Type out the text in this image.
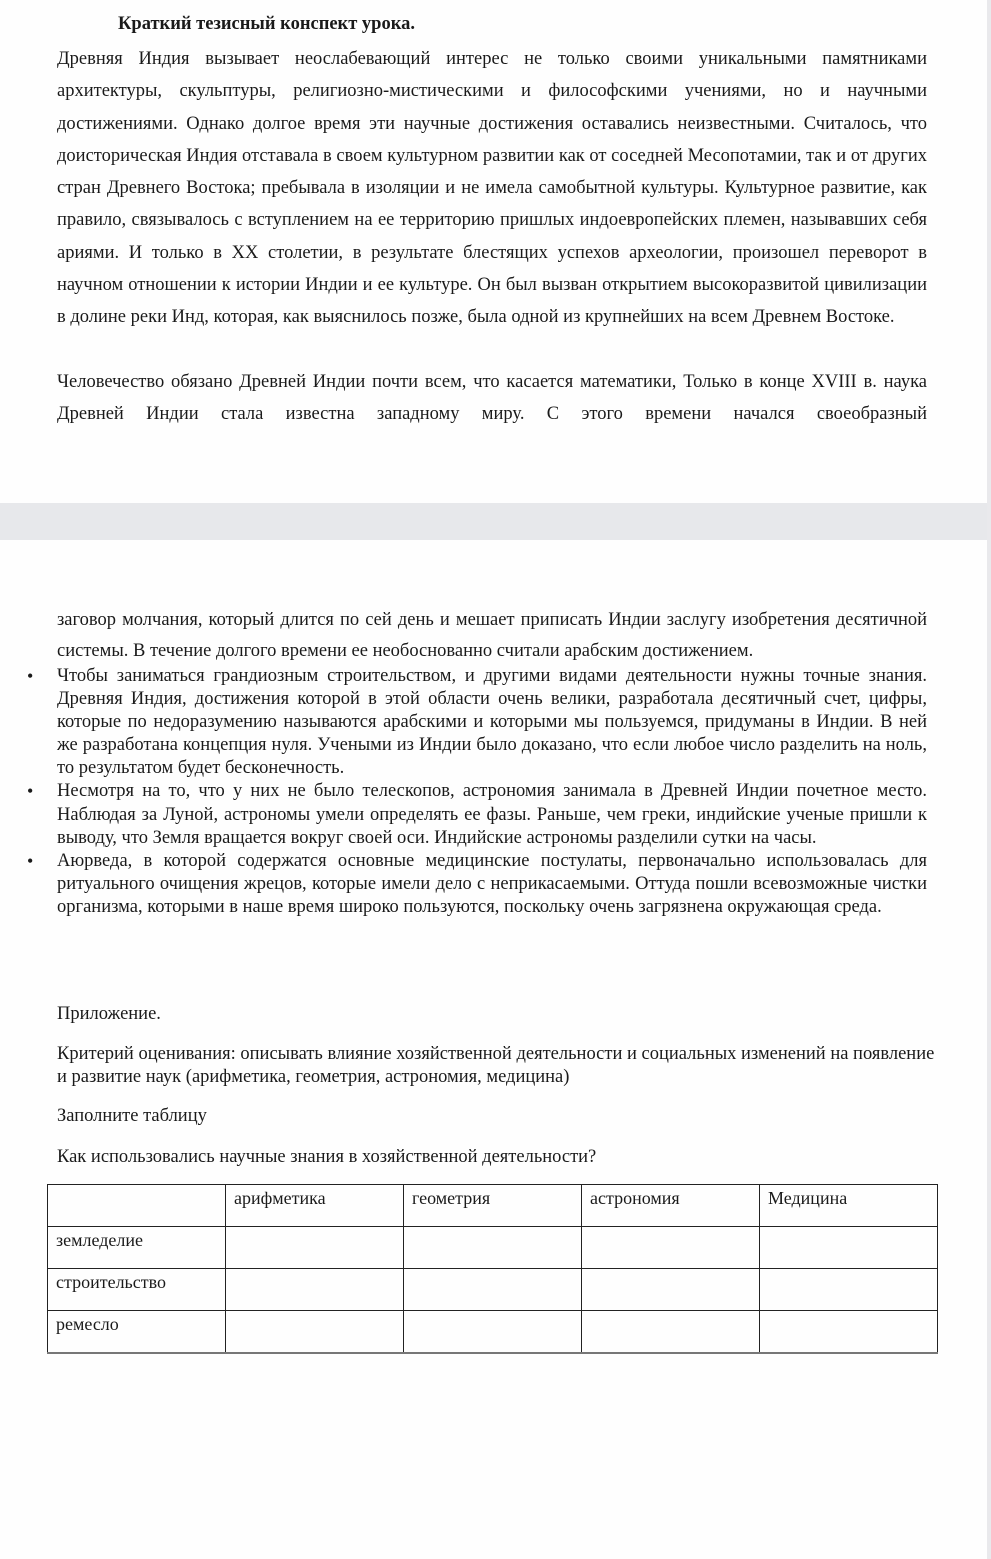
Краткий тезисный конспект урока.

Древняя Индия вызывает неослабевающий интерес не только своими уникальными памятниками архитектуры, скульптуры, религиозно-мистическими и философскими учениями, но и научными достижениями. Однако долгое время эти научные достижения оставались неизвестными. Считалось, что доисторическая Индия отставала в своем культурном развитии как от соседней Месопотамии, так и от других стран Древнего Востока; пребывала в изоляции и не имела самобытной культуры. Культурное развитие, как правило, связывалось с вступлением на ее территорию пришлых индоевропейских племен, называвших себя ариями. И только в XX столетии, в результате блестящих успехов археологии, произошел переворот в научном отношении к истории Индии и ее культуре. Он был вызван открытием высокоразвитой цивилизации в долине реки Инд, которая, как выяснилось позже, была одной из крупнейших на всем Древнем Востоке.

Человечество обязано Древней Индии почти всем, что касается математики, Только в конце XVIII в. наука Древней Индии стала известна западному миру. С этого времени начался своеобразный

заговор молчания, который длится по сей день и мешает приписать Индии заслугу изобретения десятичной системы. В течение долгого времени ее необоснованно считали арабским достижением.

• Чтобы заниматься грандиозным строительством, и другими видами деятельности нужны точные знания. Древняя Индия, достижения которой в этой области очень велики, разработала десятичный счет, цифры, которые по недоразумению называются арабскими и которыми мы пользуемся, придуманы в Индии. В ней же разработана концепция нуля. Учеными из Индии было доказано, что если любое число разделить на ноль, то результатом будет бесконечность.
• Несмотря на то, что у них не было телескопов, астрономия занимала в Древней Индии почетное место. Наблюдая за Луной, астрономы умели определять ее фазы. Раньше, чем греки, индийские ученые пришли к выводу, что Земля вращается вокруг своей оси. Индийские астрономы разделили сутки на часы.
• Аюрведа, в которой содержатся основные медицинские постулаты, первоначально использовалась для ритуального очищения жрецов, которые имели дело с неприкасаемыми. Оттуда пошли всевозможные чистки организма, которыми в наше время широко пользуются, поскольку очень загрязнена окружающая среда.

Приложение.

Критерий оценивания: описывать влияние хозяйственной деятельности и социальных изменений на появление и развитие наук (арифметика, геометрия, астрономия, медицина)

Заполните таблицу

Как использовались научные знания в хозяйственной деятельности?

	арифметика	геометрия	астрономия	Медицина
земледелие				
строительство				
ремесло				
